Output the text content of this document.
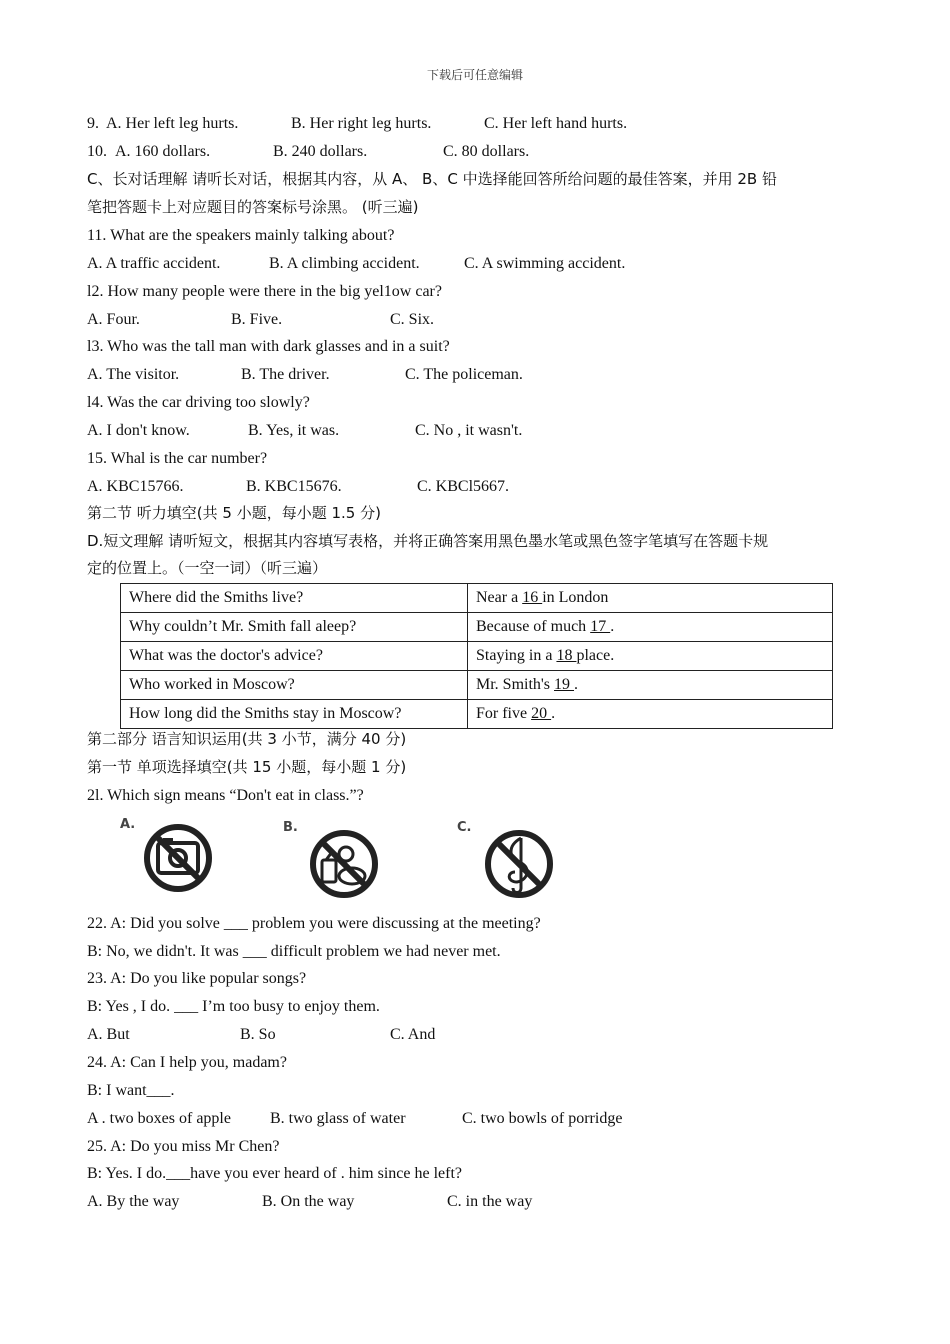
下载后可任意编辑
9. A. Her left leg hurts.	B. Her right leg hurts.	C. Her left hand hurts.
10. A. 160 dollars.	B. 240 dollars.	C. 80 dollars.
C、长对话理解 请听长对话，根据其内容，从 A、 B、C 中选择能回答所给问题的最佳答案，并用 2B 铅
笔把答题卡上对应题目的答案标号涂黑。 (听三遍)
11. What are the speakers mainly talking about?
A. A traffic accident.	B. A climbing accident.	C. A swimming accident.
l2. How many people were there in the big yel1ow car?
A. Four.	B. Five.	C. Six.
l3. Who was the tall man with dark glasses and in a suit?
A. The visitor.	B. The driver.	C. The policeman.
l4. Was the car driving too slowly?
A. I don't know.	B. Yes, it was.	C. No , it wasn't.
15. Whal is the car number?
A. KBC15766.	B. KBC15676.	C. KBCl5667.
第二节 听力填空(共 5 小题，每小题 1.5 分)
D.短文理解 请听短文，根据其内容填写表格，并将正确答案用黑色墨水笔或黑色签字笔填写在答题卡规
定的位置上。（一空一词）（听三遍）
Where did the Smiths live?	Near a 16 in London
Why couldn’t Mr. Smith fall aleep?	Because of much 17 .
What was the doctor's advice?	Staying in a 18 place.
Who worked in Moscow?	Mr. Smith's 19 .
How long did the Smiths stay in Moscow?	For five 20 .
第二部分 语言知识运用(共 3 小节，满分 40 分)
第一节 单项选择填空(共 15 小题，每小题 1 分)
2l. Which sign means “Don't eat in class.”?
A.	B.	C.
22. A: Did you solve ___ problem you were discussing at the meeting?
B: No, we didn't. It was ___ difficult problem we had never met.
23. A: Do you like popular songs?
B: Yes , I do. ___ I’m too busy to enjoy them.
A. But	B. So	C. And
24. A: Can I help you, madam?
B: I want___.
A . two boxes of apple B. two glass of water	C. two bowls of porridge
25. A: Do you miss Mr Chen?
B: Yes. I do.___have you ever heard of . him since he left?
A. By the way	B. On the way	C. in the way
